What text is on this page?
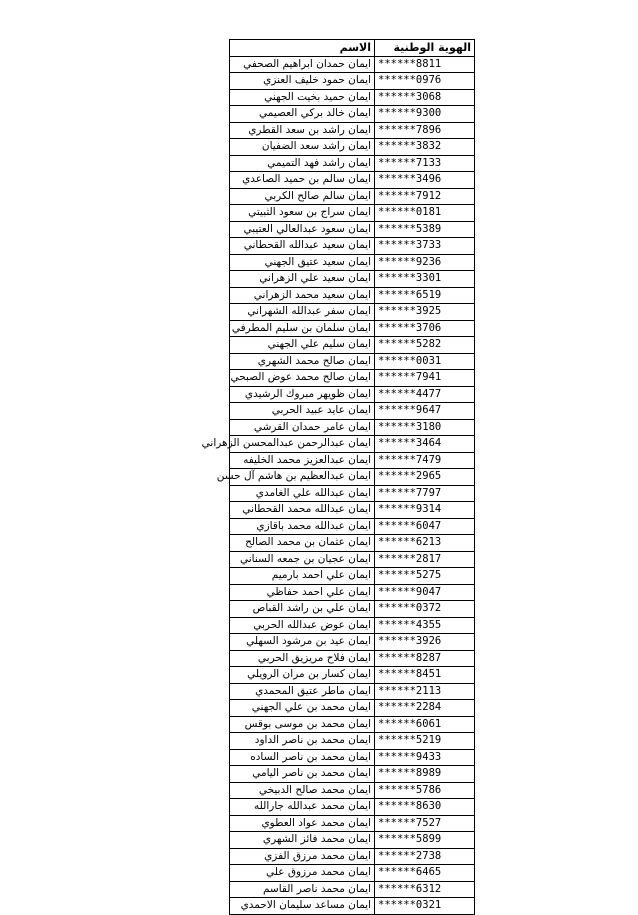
الهوية الوطنية	الاسم
******8811	ايمان حمدان ابراهيم الصحفي
******0976	ايمان حمود خليف العنزي
******3068	ايمان حميد بخيت الجهني
******9300	ايمان خالد بركي العصيمي
******7896	ايمان راشد بن سعد القطري
******3832	ايمان راشد سعد الضفيان
******7133	ايمان راشد فهد التميمي
******3496	ايمان سالم بن حميد الصاعدي
******7912	ايمان سالم صالح الكربي
******0181	ايمان سراج بن سعود الثبيتي
******5389	ايمان سعود عبدالعالي العتيبي
******3733	ايمان سعيد عبدالله القحطاني
******9236	ايمان سعيد عتيق الجهني
******3301	ايمان سعيد علي الزهراني
******6519	ايمان سعيد محمد الزهراني
******3925	ايمان سفر عبدالله الشهراني
******3706	ايمان سلمان بن سليم المطرفي
******5282	ايمان سليم علي الجهني
******0031	ايمان صالح محمد الشهري
******7941	ايمان صالح محمد عوض الصبحي
******4477	ايمان ظويهر مبروك الرشيدي
******9647	ايمان عايد عبيد الحربي
******3180	ايمان عامر حمدان القرشي
******3464	ايمان عبدالرحمن عبدالمحسن الزهراني
******7479	ايمان عبدالعزيز محمد الخليفه
******2965	ايمان عبدالعظيم بن هاشم آل حسن
******7797	ايمان عبدالله علي الغامدي
******9314	ايمان عبدالله محمد القحطاني
******6047	ايمان عبدالله محمد باقازي
******6213	ايمان عثمان بن محمد الصالح
******2817	ايمان عجيان بن جمعه السناني
******5275	ايمان علي احمد بارميم
******9047	ايمان علي احمد حفاظي
******0372	ايمان علي بن راشد القباص
******4355	ايمان عوض عبدالله الحربي
******3926	ايمان عيد بن مرشود السهلي
******8287	ايمان فلاح مريزيق الحربي
******8451	ايمان كسار بن مران الرويلي
******2113	ايمان ماطر عتيق المحمدي
******2284	ايمان محمد بن علي الجهني
******6061	ايمان محمد بن موسى بوقس
******5219	ايمان محمد بن ناصر الداود
******9433	ايمان محمد بن ناصر الساده
******8989	ايمان محمد بن ناصر اليامي
******5786	ايمان محمد صالح الدبيخي
******8630	ايمان محمد عبدالله جارالله
******7527	ايمان محمد عواد العطوي
******5899	ايمان محمد فائز الشهري
******2738	ايمان محمد مرزق الفزي
******6465	ايمان محمد مرزوق علي
******6312	ايمان محمد ناصر القاسم
******0321	ايمان مساعد سليمان الاحمدي
